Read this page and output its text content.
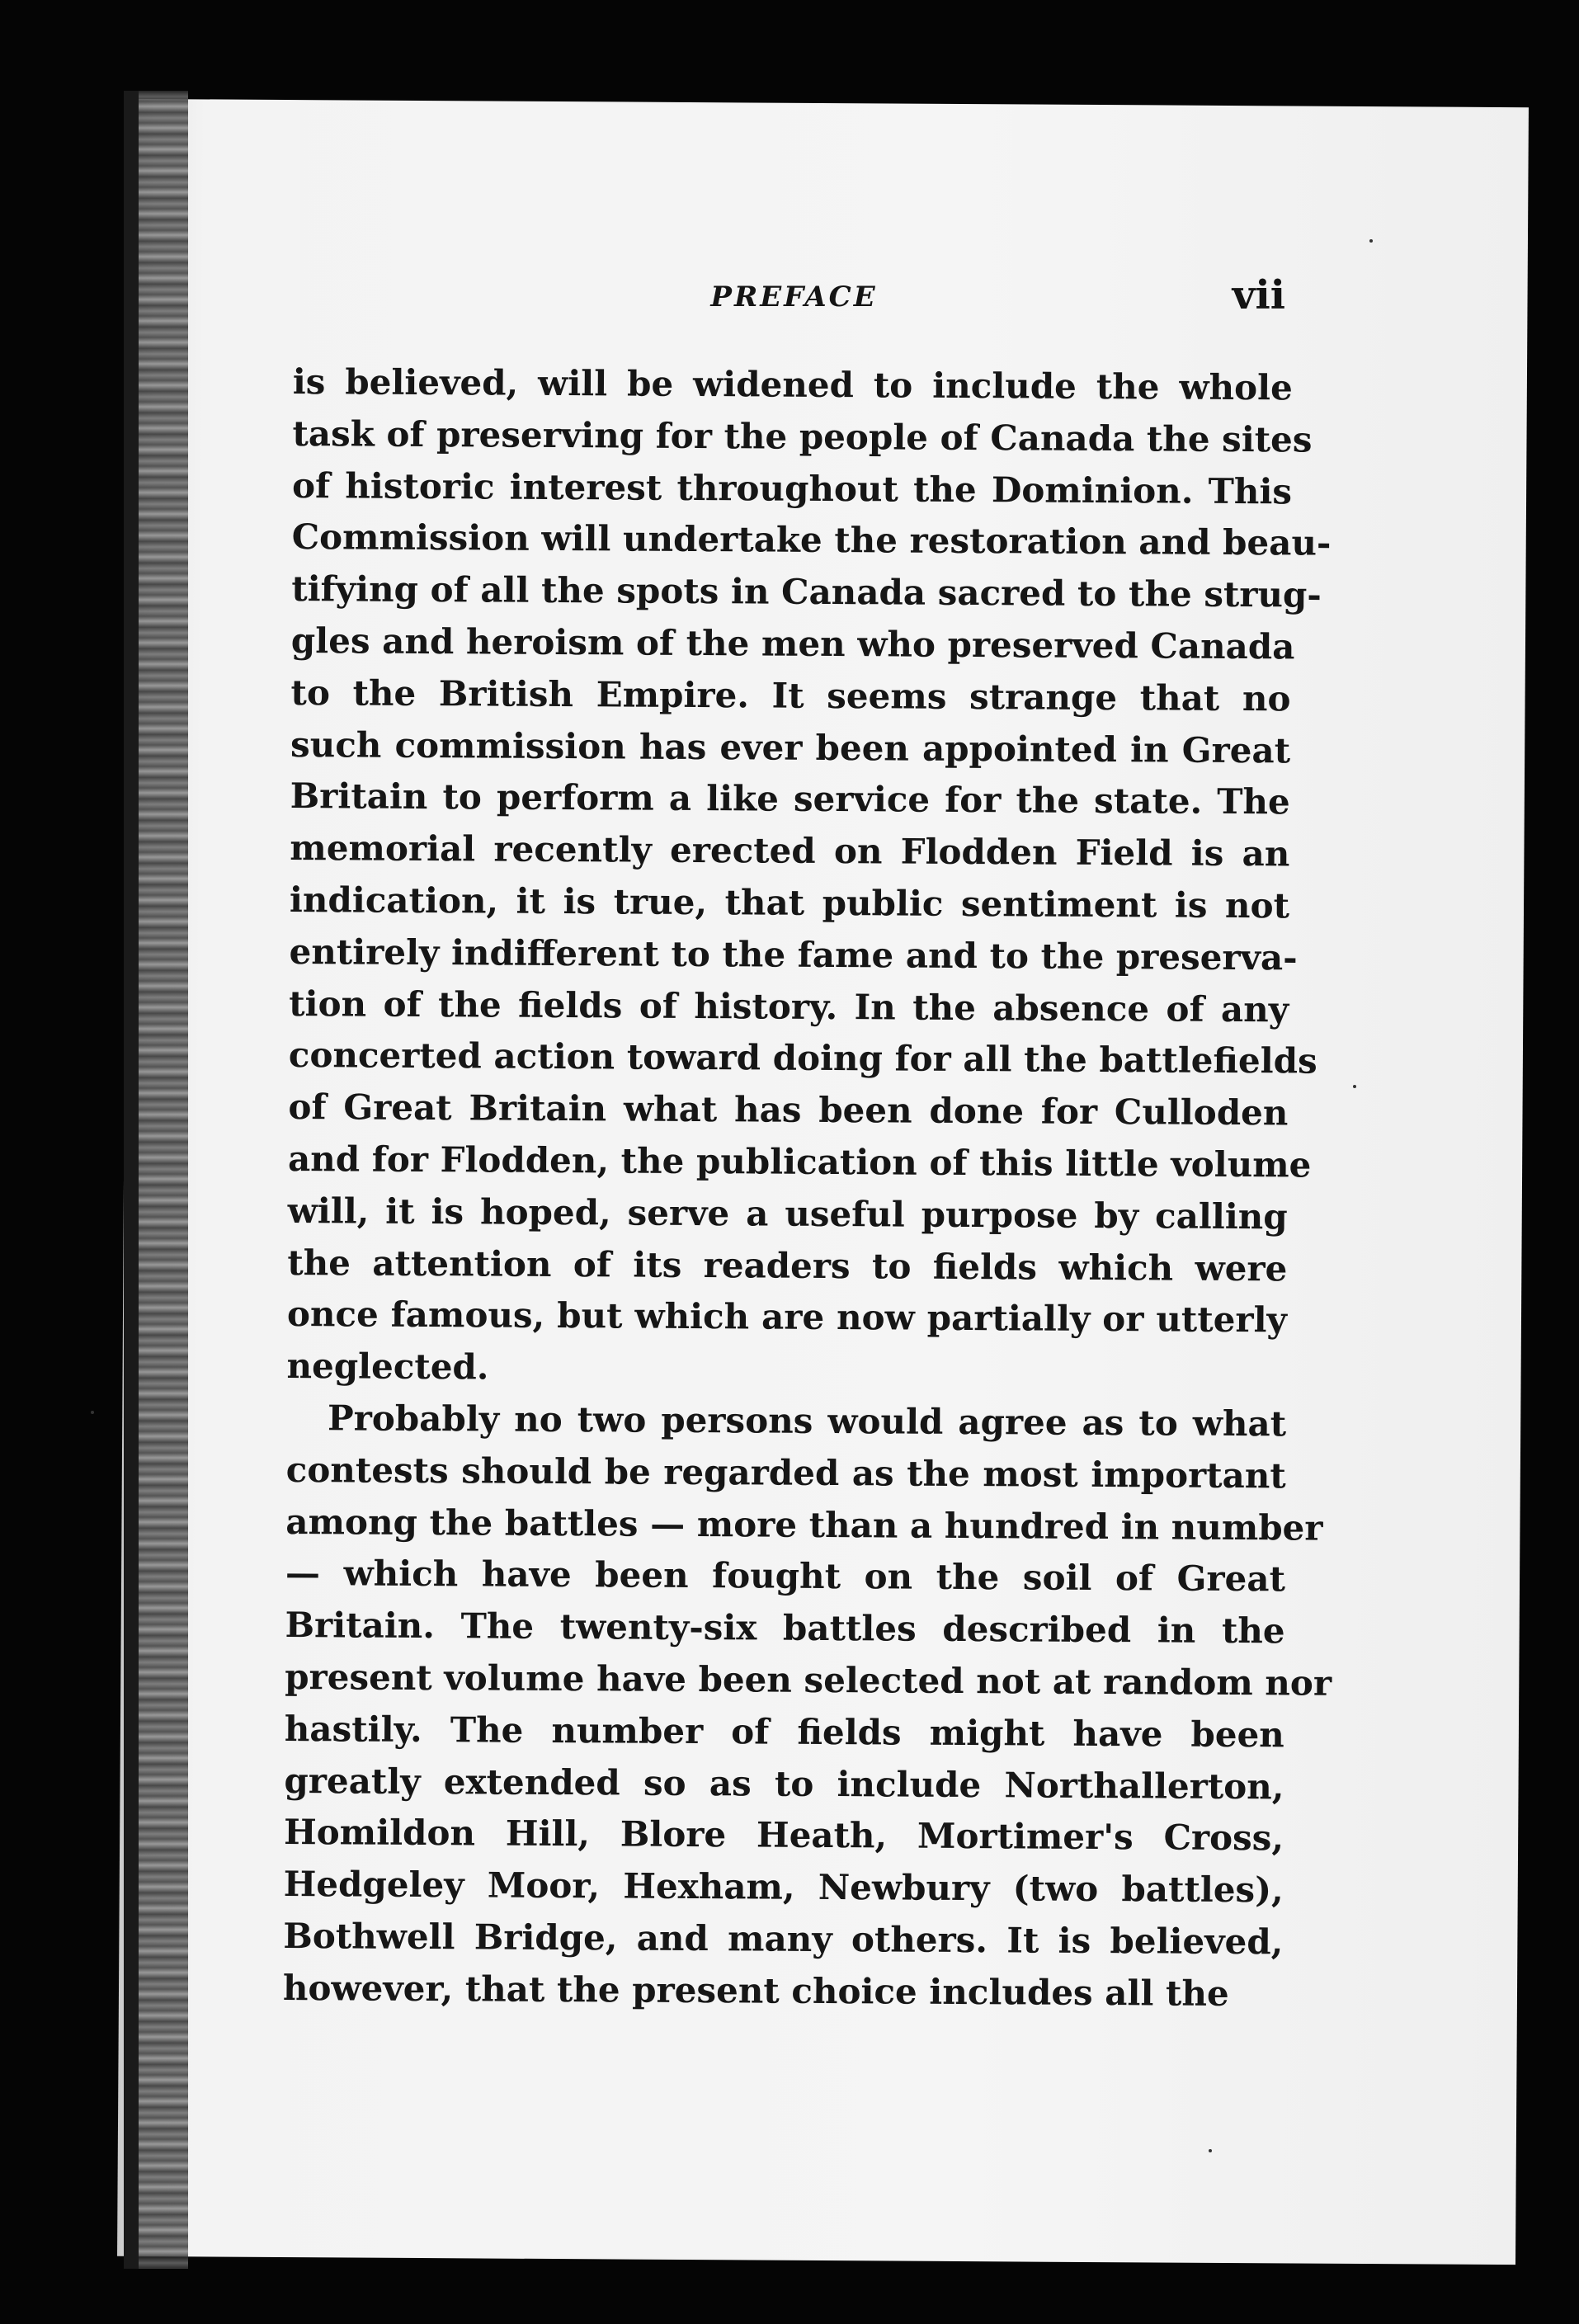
PREFACE	vii
is believed, will be widened to include the whole
task of preserving for the people of Canada the sites
of historic interest throughout the Dominion. This
Commission will undertake the restoration and beau-
tifying of all the spots in Canada sacred to the strug-
gles and heroism of the men who preserved Canada
to the British Empire. It seems strange that no
such commission has ever been appointed in Great
Britain to perform a like service for the state. The
memorial recently erected on Flodden Field is an
indication, it is true, that public sentiment is not
entirely indifferent to the fame and to the preserva-
tion of the fields of history. In the absence of any
concerted action toward doing for all the battlefields
of Great Britain what has been done for Culloden
and for Flodden, the publication of this little volume
will, it is hoped, serve a useful purpose by calling
the attention of its readers to fields which were
once famous, but which are now partially or utterly
neglected.
Probably no two persons would agree as to what
contests should be regarded as the most important
among the battles — more than a hundred in number
— which have been fought on the soil of Great
Britain. The twenty-six battles described in the
present volume have been selected not at random nor
hastily. The number of fields might have been
greatly extended so as to include Northallerton,
Homildon Hill, Blore Heath, Mortimer's Cross,
Hedgeley Moor, Hexham, Newbury (two battles),
Bothwell Bridge, and many others. It is believed,
however, that the present choice includes all the
